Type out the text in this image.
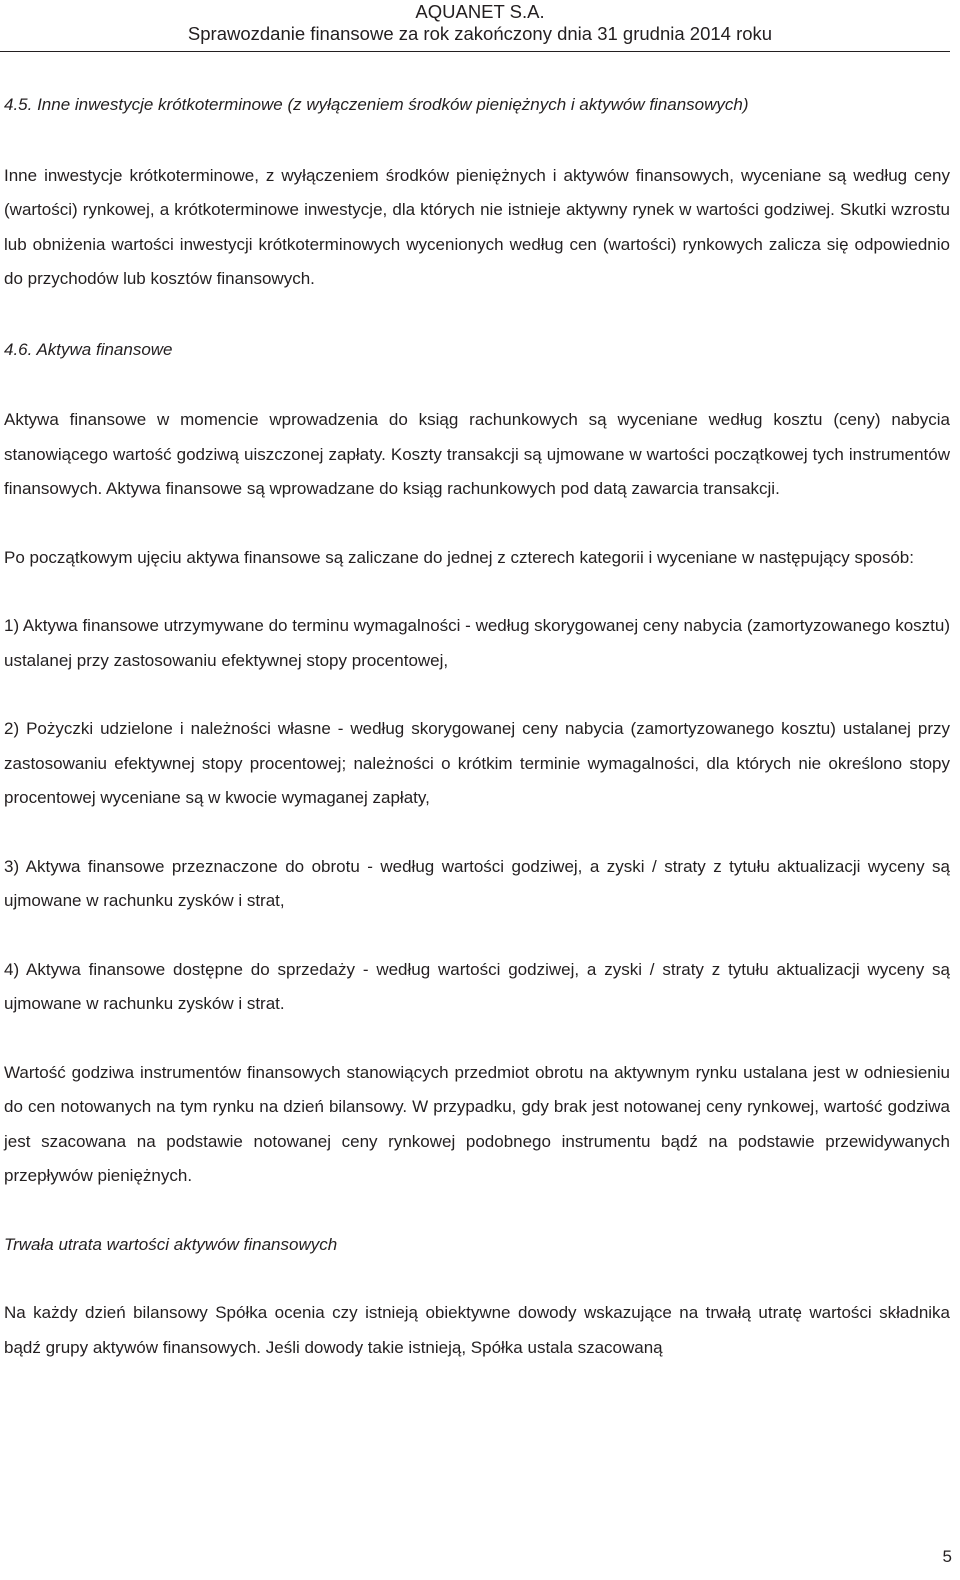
AQUANET S.A.
Sprawozdanie finansowe za rok zakończony dnia 31 grudnia 2014 roku

4.5. Inne inwestycje krótkoterminowe (z wyłączeniem środków pieniężnych i aktywów finansowych)

Inne inwestycje krótkoterminowe, z wyłączeniem środków pieniężnych i aktywów finansowych, wyceniane są według ceny (wartości) rynkowej, a krótkoterminowe inwestycje, dla których nie istnieje aktywny rynek w wartości godziwej. Skutki wzrostu lub obniżenia wartości inwestycji krótkoterminowych wycenionych według cen (wartości) rynkowych zalicza się odpowiednio do przychodów lub kosztów finansowych.

4.6. Aktywa finansowe

Aktywa finansowe w momencie wprowadzenia do ksiąg rachunkowych są wyceniane według kosztu (ceny) nabycia stanowiącego wartość godziwą uiszczonej zapłaty. Koszty transakcji są ujmowane w wartości początkowej tych instrumentów finansowych. Aktywa finansowe są wprowadzane do ksiąg rachunkowych pod datą zawarcia transakcji.

Po początkowym ujęciu aktywa finansowe są zaliczane do jednej z czterech kategorii i wyceniane w następujący sposób:

1) Aktywa finansowe utrzymywane do terminu wymagalności - według skorygowanej ceny nabycia (zamortyzowanego kosztu) ustalanej przy zastosowaniu efektywnej stopy procentowej,

2) Pożyczki udzielone i należności własne - według skorygowanej ceny nabycia (zamortyzowanego kosztu) ustalanej przy zastosowaniu efektywnej stopy procentowej; należności o krótkim terminie wymagalności, dla których nie określono stopy procentowej wyceniane są w kwocie wymaganej zapłaty,

3) Aktywa finansowe przeznaczone do obrotu - według wartości godziwej, a zyski / straty z tytułu aktualizacji wyceny są ujmowane w rachunku zysków i strat,

4) Aktywa finansowe dostępne do sprzedaży - według wartości godziwej, a zyski / straty z tytułu aktualizacji wyceny są ujmowane w rachunku zysków i strat.

Wartość godziwa instrumentów finansowych stanowiących przedmiot obrotu na aktywnym rynku ustalana jest w odniesieniu do cen notowanych na tym rynku na dzień bilansowy. W przypadku, gdy brak jest notowanej ceny rynkowej, wartość godziwa jest szacowana na podstawie notowanej ceny rynkowej podobnego instrumentu bądź na podstawie przewidywanych przepływów pieniężnych.

Trwała utrata wartości aktywów finansowych

Na każdy dzień bilansowy Spółka ocenia czy istnieją obiektywne dowody wskazujące na trwałą utratę wartości składnika bądź grupy aktywów finansowych. Jeśli dowody takie istnieją, Spółka ustala szacowaną

5
